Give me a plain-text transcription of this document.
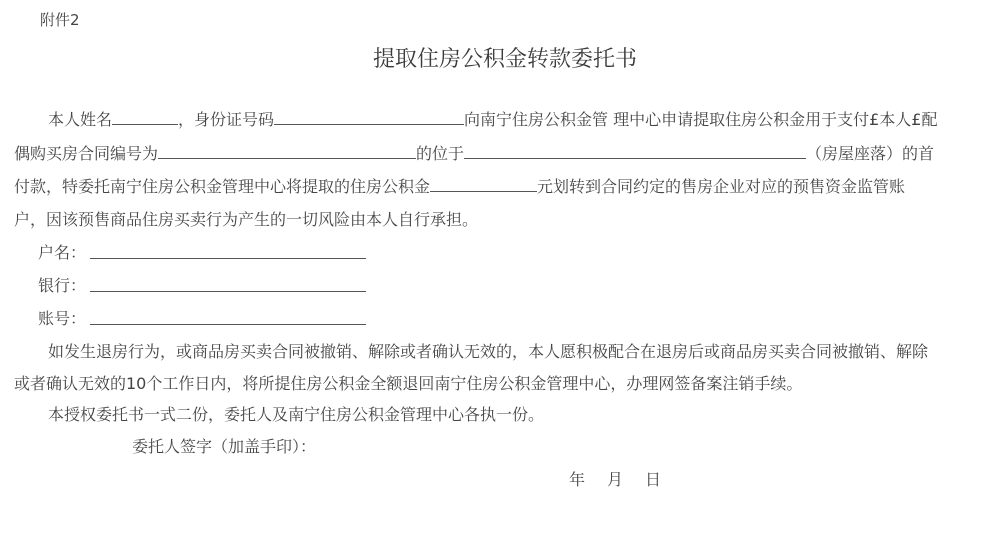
附件2
提取住房公积金转款委托书
本人姓名	，身份证号码	向南宁住房公积金管 理中心申请提取住房公积金用于支付£本人£配
偶购买房合同编号为	的位于	（房屋座落）的首
付款，特委托南宁住房公积金管理中心将提取的住房公积金	元划转到合同约定的售房企业对应的预售资金监管账
户，因该预售商品住房买卖行为产生的一切风险由本人自行承担。
户名：
银行：
账号：
如发生退房行为，或商品房买卖合同被撤销、解除或者确认无效的，本人愿积极配合在退房后或商品房买卖合同被撤销、解除
或者确认无效的10个工作日内，将所提住房公积金全额退回南宁住房公积金管理中心，办理网签备案注销手续。
本授权委托书一式二份，委托人及南宁住房公积金管理中心各执一份。
委托人签字（加盖手印）：
年 月 日
